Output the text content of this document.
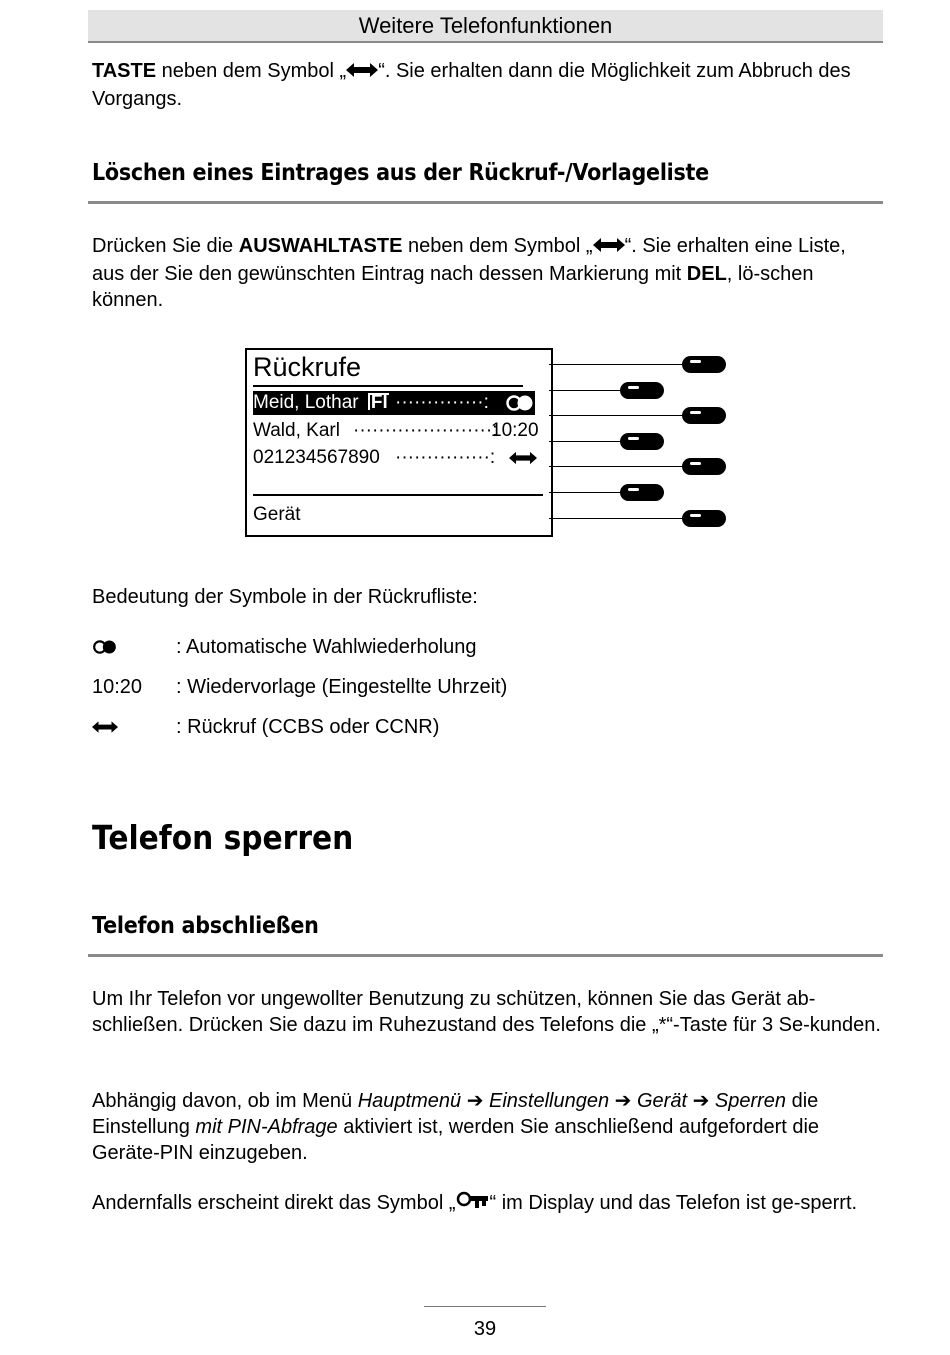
Weitere Telefonfunktionen

TASTE neben dem Symbol „ “. Sie erhalten dann die Möglichkeit zum Abbruch des Vorgangs.

Löschen eines Eintrages aus der Rückruf-/Vorlageliste

Drücken Sie die AUSWAHLTASTE neben dem Symbol „ “. Sie erhalten eine Liste, aus der Sie den gewünschten Eintrag nach dessen Markierung mit DEL, lö-schen können.

Rückrufe
Meid, Lothar Fl ··············:
Wald, Karl ······················:
10:20
021234567890 ···············:
Gerät

Bedeutung der Symbole in der Rückrufliste:

: Automatische Wahlwiederholung
10:20 : Wiedervorlage (Eingestellte Uhrzeit)
: Rückruf (CCBS oder CCNR)
Telefon sperren
Telefon abschließen

Um Ihr Telefon vor ungewollter Benutzung zu schützen, können Sie das Gerät ab-schließen. Drücken Sie dazu im Ruhezustand des Telefons die „*“-Taste für 3 Se-kunden.

Abhängig davon, ob im Menü Hauptmenü ➔ Einstellungen ➔ Gerät ➔ Sperren die Einstellung mit PIN-Abfrage aktiviert ist, werden Sie anschließend aufgefordert die Geräte-PIN einzugeben.

Andernfalls erscheint direkt das Symbol „ “ im Display und das Telefon ist ge-sperrt.

39
